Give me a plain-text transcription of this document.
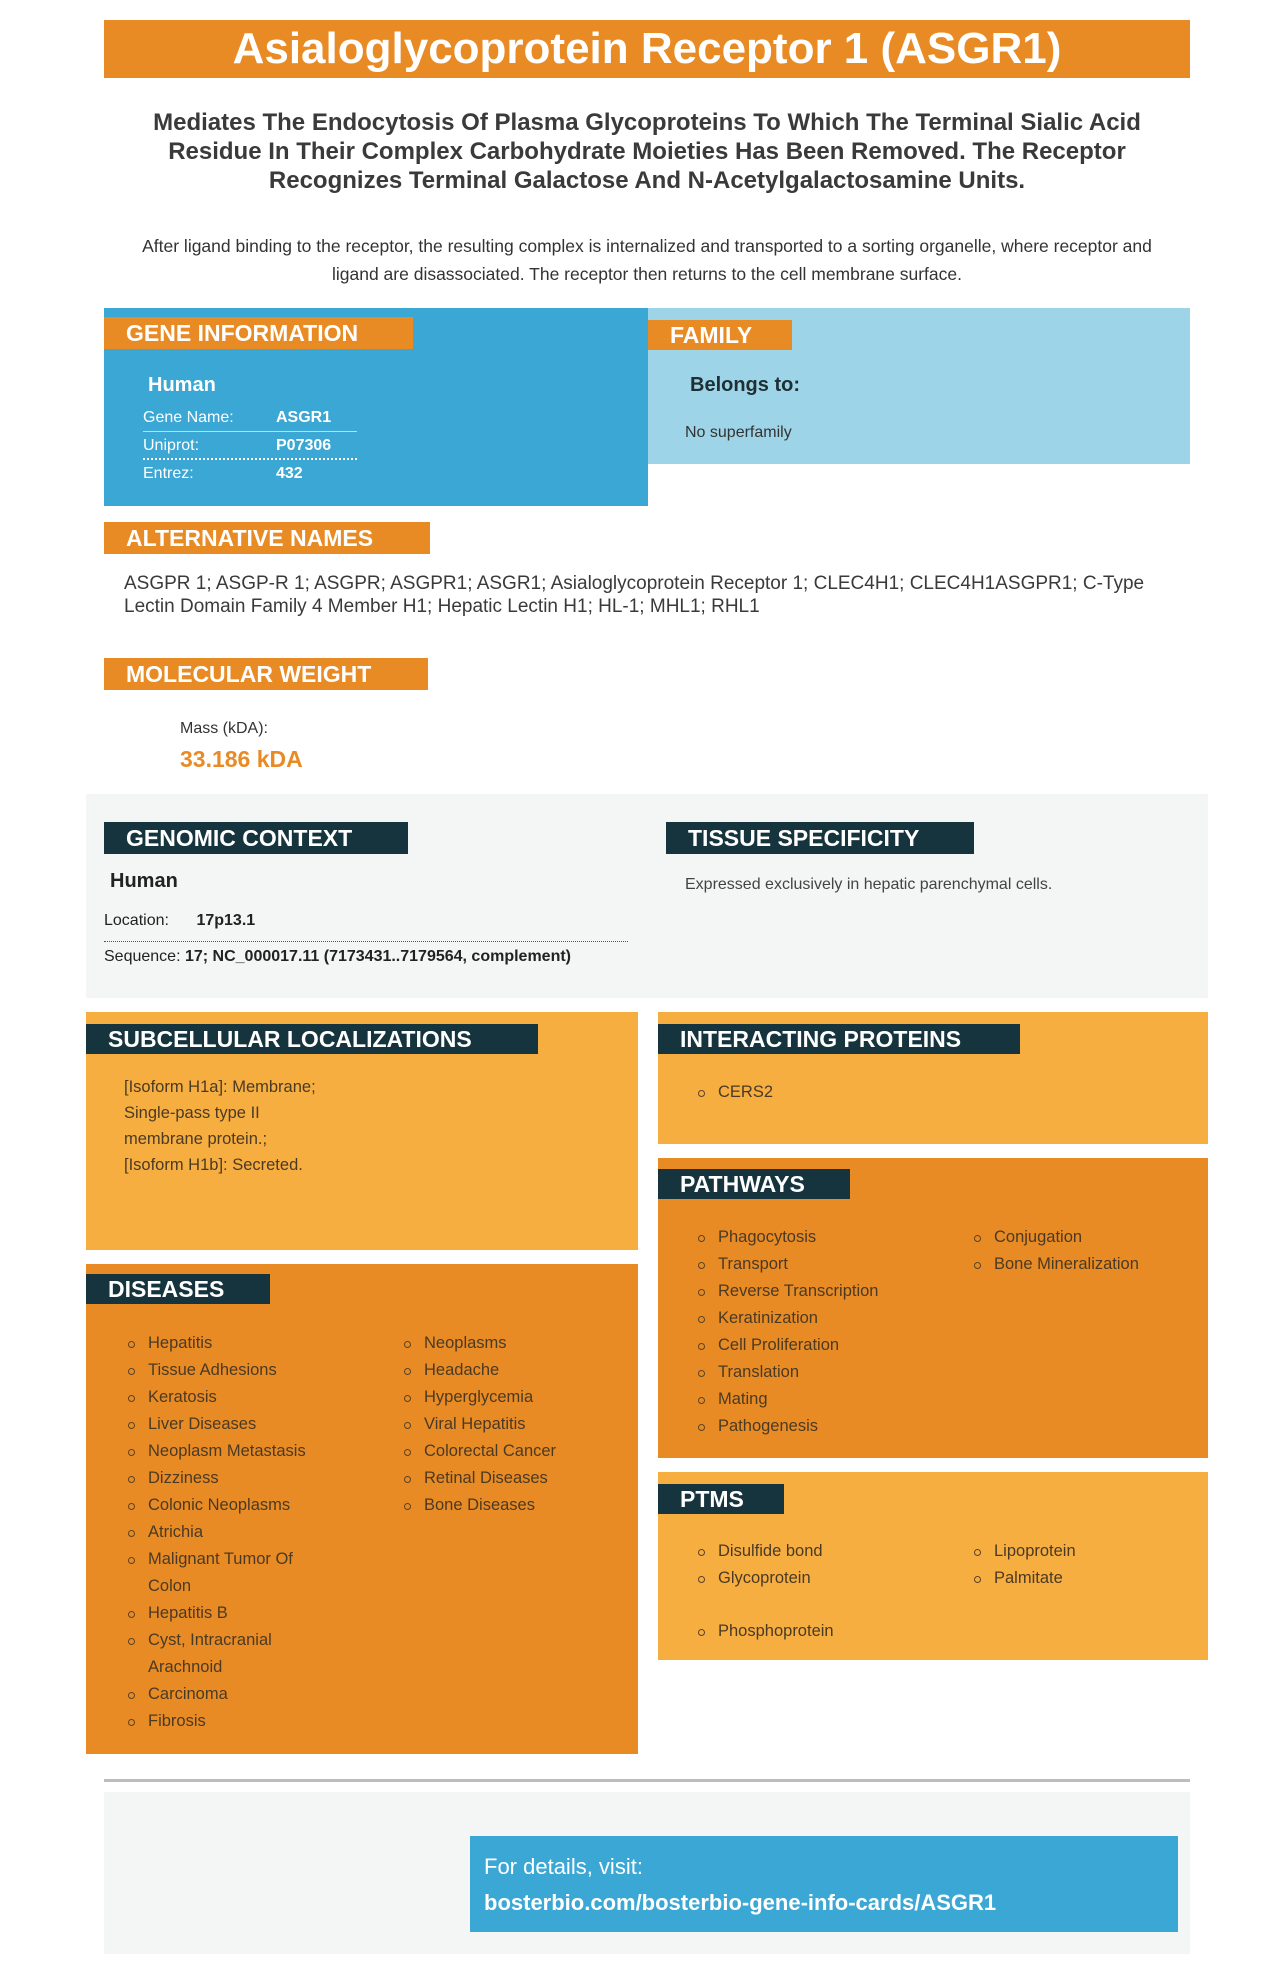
Asialoglycoprotein Receptor 1 (ASGR1)
Mediates The Endocytosis Of Plasma Glycoproteins To Which The Terminal Sialic Acid Residue In Their Complex Carbohydrate Moieties Has Been Removed. The Receptor Recognizes Terminal Galactose And N-Acetylgalactosamine Units.
After ligand binding to the receptor, the resulting complex is internalized and transported to a sorting organelle, where receptor and ligand are disassociated. The receptor then returns to the cell membrane surface.
GENE INFORMATION
Human
Gene Name:	ASGR1
Uniprot:	P07306
Entrez:	432
FAMILY
Belongs to:
No superfamily
ALTERNATIVE NAMES
ASGPR 1; ASGP-R 1; ASGPR; ASGPR1; ASGR1; Asialoglycoprotein Receptor 1; CLEC4H1; CLEC4H1ASGPR1; C-Type Lectin Domain Family 4 Member H1; Hepatic Lectin H1; HL-1; MHL1; RHL1
MOLECULAR WEIGHT
Mass (kDA):
33.186 kDA
GENOMIC CONTEXT
Human
Location: 17p13.1
Sequence: 17; NC_000017.11 (7173431..7179564, complement)
TISSUE SPECIFICITY
Expressed exclusively in hepatic parenchymal cells.
SUBCELLULAR LOCALIZATIONS
[Isoform H1a]: Membrane; Single-pass type II membrane protein.; [Isoform H1b]: Secreted.
INTERACTING PROTEINS
CERS2
PATHWAYS
Phagocytosis
Transport
Reverse Transcription
Keratinization
Cell Proliferation
Translation
Mating
Pathogenesis
Conjugation
Bone Mineralization
DISEASES
Hepatitis
Tissue Adhesions
Keratosis
Liver Diseases
Neoplasm Metastasis
Dizziness
Colonic Neoplasms
Atrichia
Malignant Tumor Of Colon
Hepatitis B
Cyst, Intracranial Arachnoid
Carcinoma
Fibrosis
Neoplasms
Headache
Hyperglycemia
Viral Hepatitis
Colorectal Cancer
Retinal Diseases
Bone Diseases	PTMS
Disulfide bond
Glycoprotein
Lipoprotein
Palmitate
Phosphoprotein
For details, visit:
bosterbio.com/bosterbio-gene-info-cards/ASGR1
